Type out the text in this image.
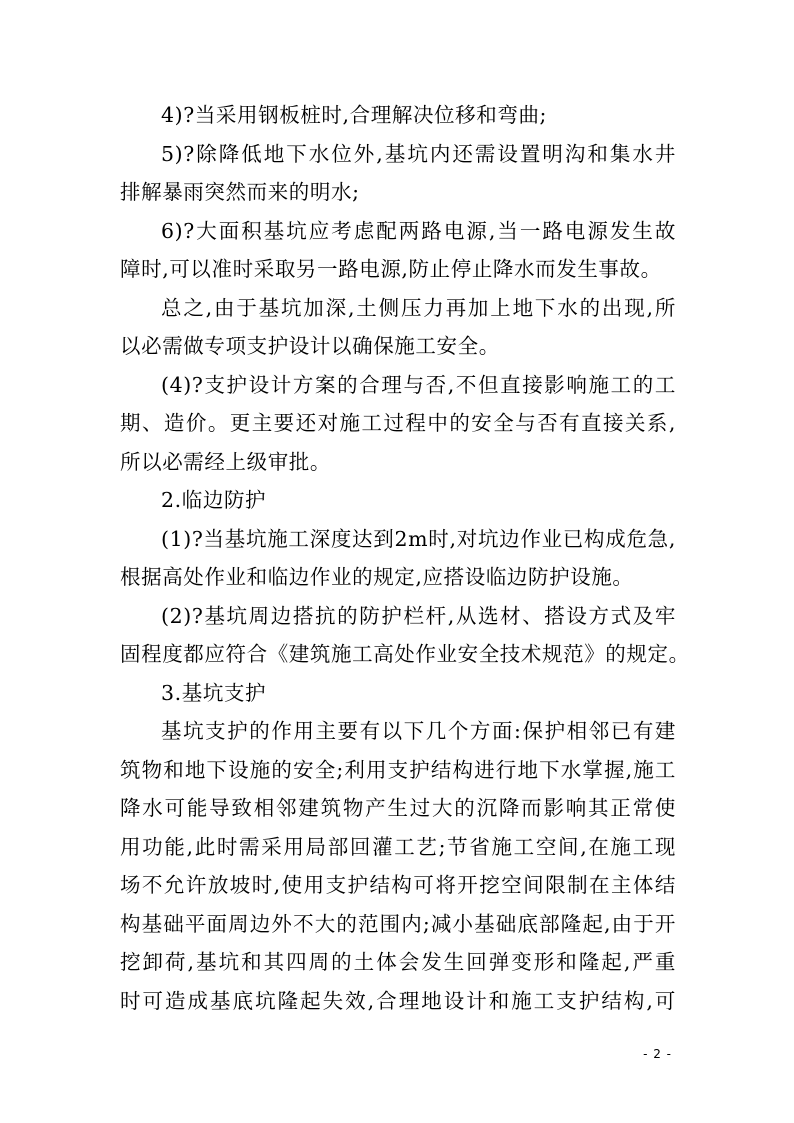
4)?当采用钢板桩时,合理解决位移和弯曲;

5)?除降低地下水位外,基坑内还需设置明沟和集水井
排解暴雨突然而来的明水;

6)?大面积基坑应考虑配两路电源,当一路电源发生故
障时,可以准时采取另一路电源,防止停止降水而发生事故。

总之,由于基坑加深,土侧压力再加上地下水的出现,所
以必需做专项支护设计以确保施工安全。

(4)?支护设计方案的合理与否,不但直接影响施工的工
期、造价。更主要还对施工过程中的安全与否有直接关系,
所以必需经上级审批。

2.临边防护

(1)?当基坑施工深度达到2m时,对坑边作业已构成危急,
根据高处作业和临边作业的规定,应搭设临边防护设施。

(2)?基坑周边搭抗的防护栏杆,从选材、搭设方式及牢
固程度都应符合《建筑施工高处作业安全技术规范》的规定。

3.基坑支护

基坑支护的作用主要有以下几个方面:保护相邻已有建
筑物和地下设施的安全;利用支护结构进行地下水掌握,施工
降水可能导致相邻建筑物产生过大的沉降而影响其正常使
用功能,此时需采用局部回灌工艺;节省施工空间,在施工现
场不允许放坡时,使用支护结构可将开挖空间限制在主体结
构基础平面周边外不大的范围内;减小基础底部隆起,由于开
挖卸荷,基坑和其四周的土体会发生回弹变形和隆起,严重
时可造成基底坑隆起失效,合理地设计和施工支护结构,可

- 2 -
